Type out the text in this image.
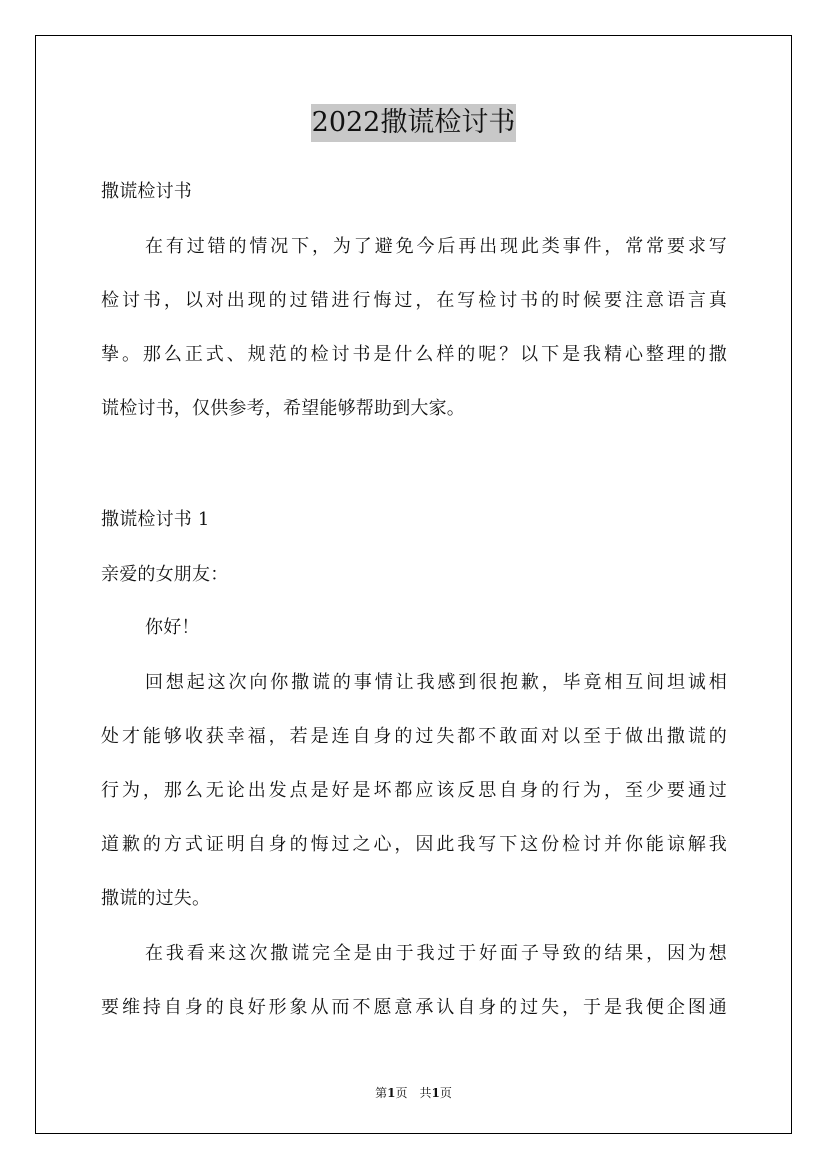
2022撒谎检讨书
撒谎检讨书
在有过错的情况下，为了避免今后再出现此类事件，常常要求写
检讨书，以对出现的过错进行悔过，在写检讨书的时候要注意语言真
挚。那么正式、规范的检讨书是什么样的呢？以下是我精心整理的撒
谎检讨书，仅供参考，希望能够帮助到大家。
撒谎检讨书 1
亲爱的女朋友：
你好！
回想起这次向你撒谎的事情让我感到很抱歉，毕竟相互间坦诚相
处才能够收获幸福，若是连自身的过失都不敢面对以至于做出撒谎的
行为，那么无论出发点是好是坏都应该反思自身的行为，至少要通过
道歉的方式证明自身的悔过之心，因此我写下这份检讨并你能谅解我
撒谎的过失。
在我看来这次撒谎完全是由于我过于好面子导致的结果，因为想
要维持自身的良好形象从而不愿意承认自身的过失，于是我便企图通
第1页　共1页
